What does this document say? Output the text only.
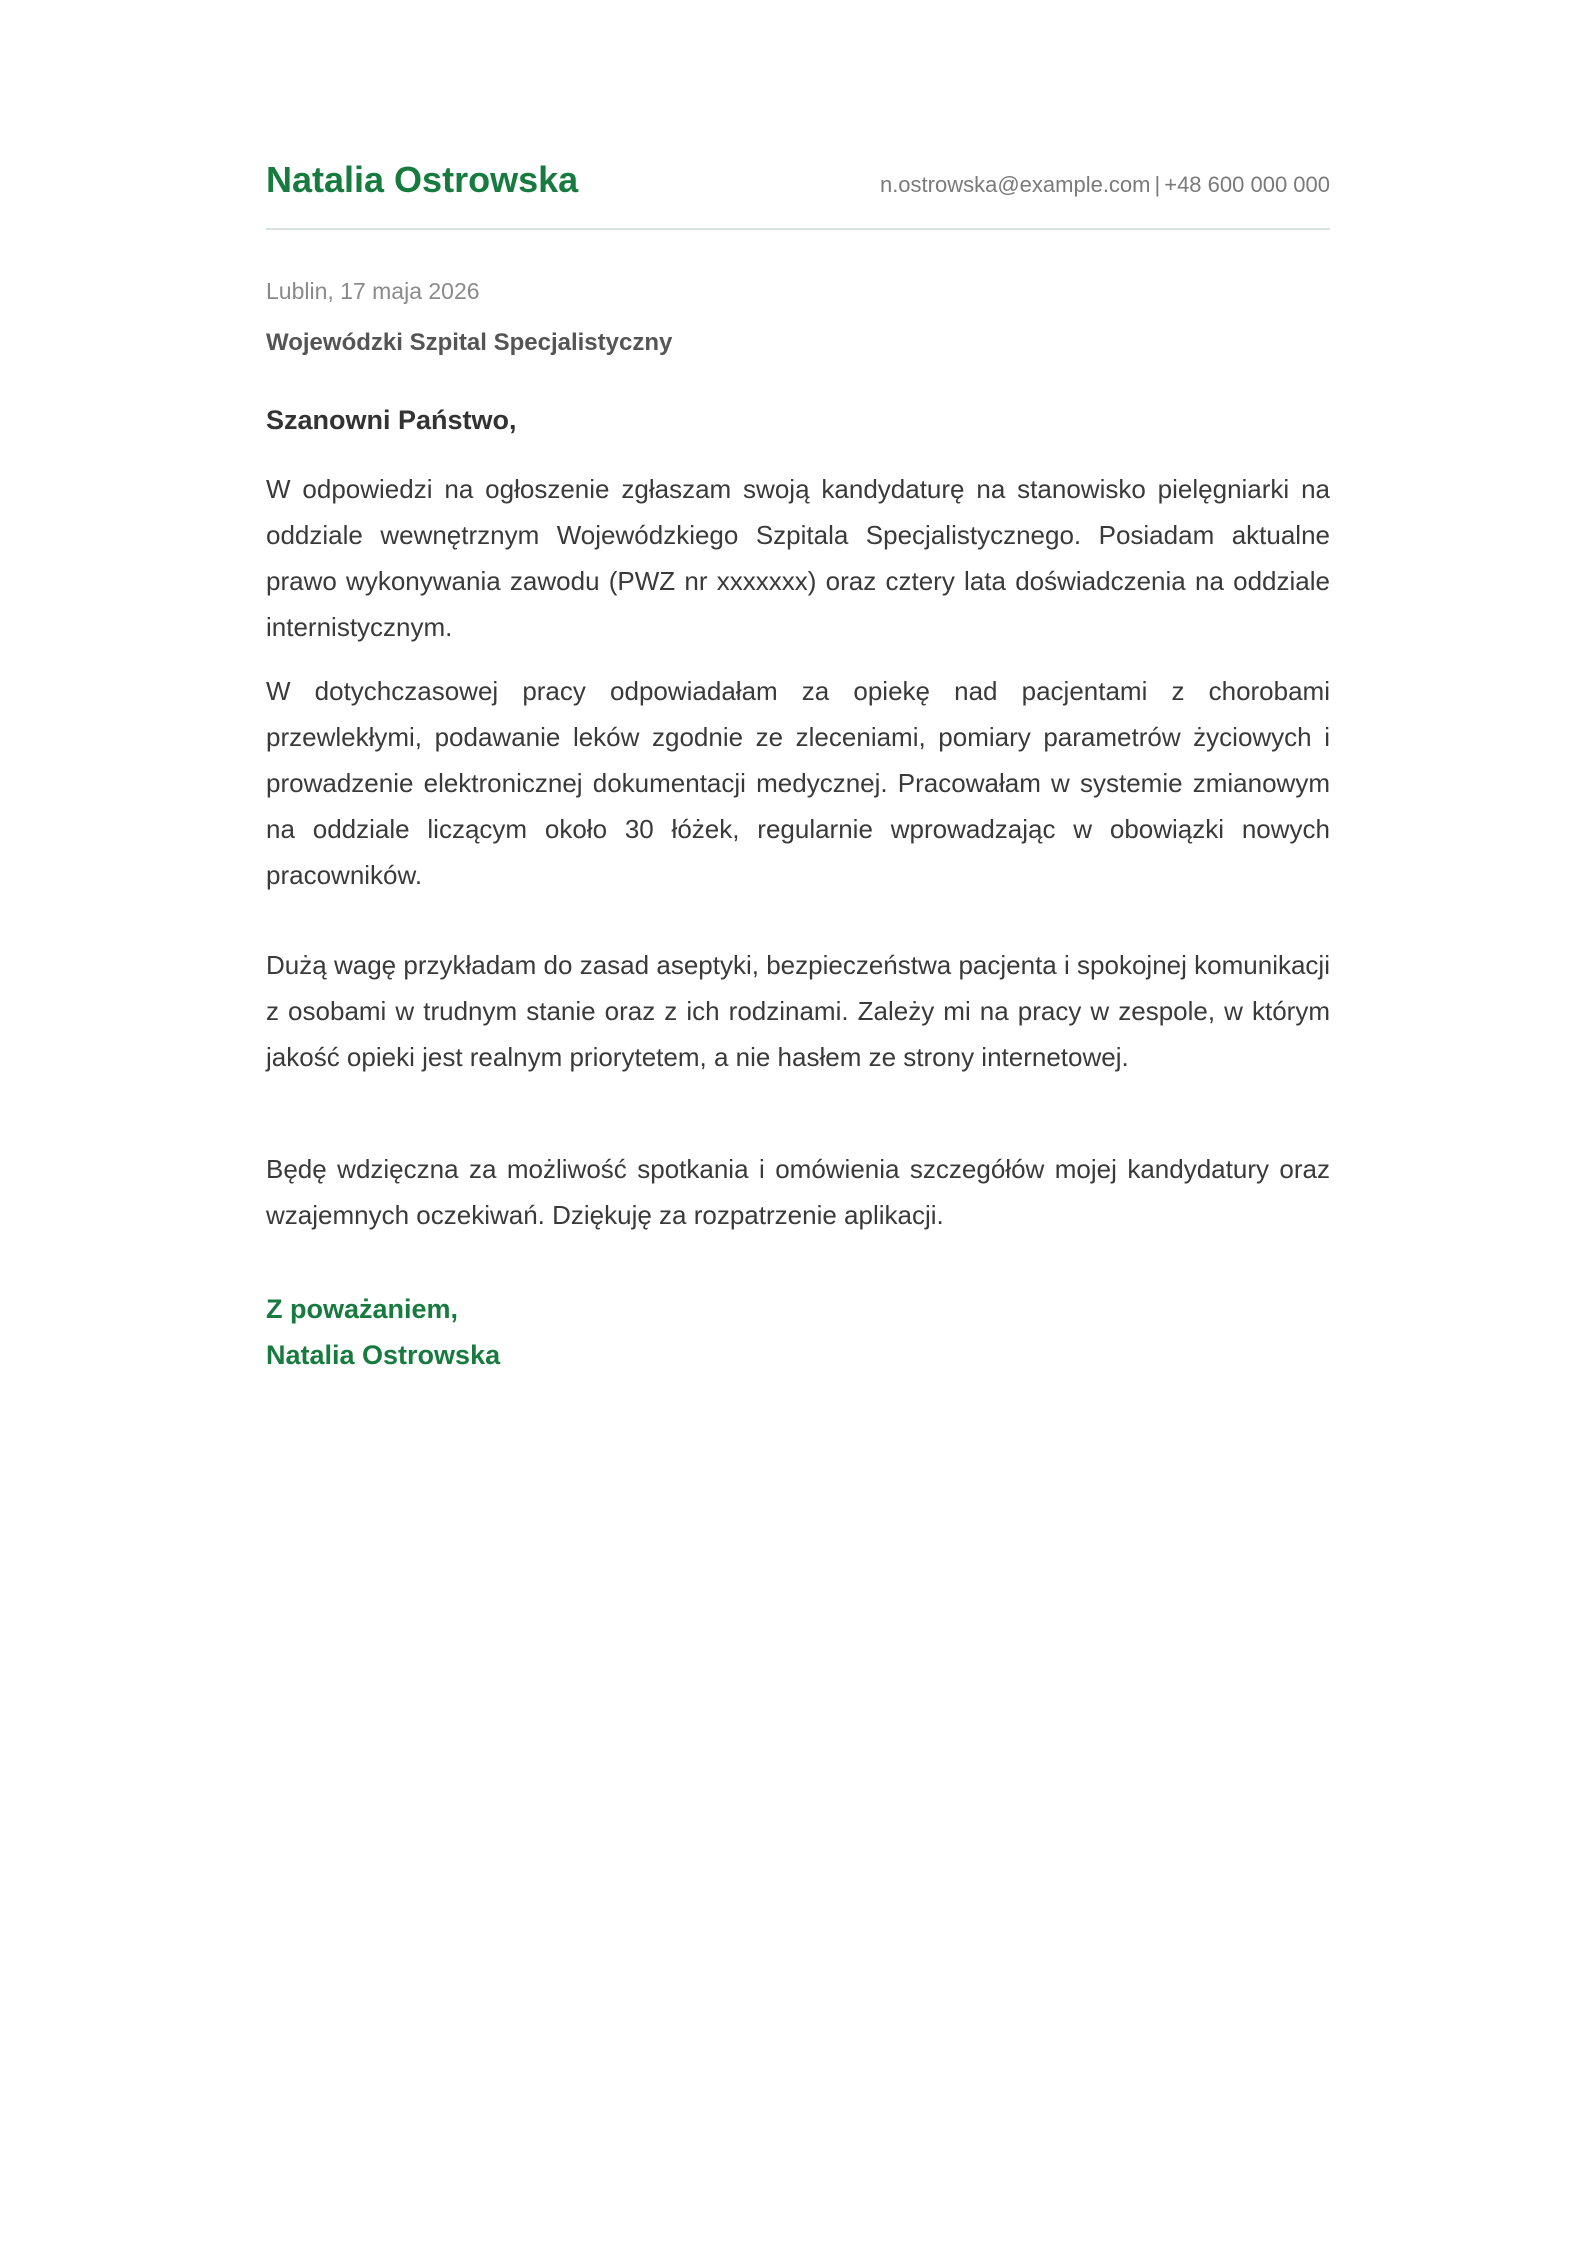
Natalia Ostrowska	n.ostrowska@example.com | +48 600 000 000
Lublin, 17 maja 2026
Wojewódzki Szpital Specjalistyczny
Szanowni Państwo,

W odpowiedzi na ogłoszenie zgłaszam swoją kandydaturę na stanowisko pielęgniarki na oddziale wewnętrznym Wojewódzkiego Szpitala Specjalistycznego. Posiadam aktualne prawo wykonywania zawodu (PWZ nr xxxxxxx) oraz cztery lata doświadczenia na oddziale internistycznym.

W dotychczasowej pracy odpowiadałam za opiekę nad pacjentami z chorobami przewlekłymi, podawanie leków zgodnie ze zleceniami, pomiary parametrów życiowych i prowadzenie elektronicznej dokumentacji medycznej. Pracowałam w systemie zmianowym na oddziale liczącym około 30 łóżek, regularnie wprowadzając w obowiązki nowych pracowników.

Dużą wagę przykładam do zasad aseptyki, bezpieczeństwa pacjenta i spokojnej komunikacji z osobami w trudnym stanie oraz z ich rodzinami. Zależy mi na pracy w zespole, w którym jakość opieki jest realnym priorytetem, a nie hasłem ze strony internetowej.

Będę wdzięczna za możliwość spotkania i omówienia szczegółów mojej kandydatury oraz wzajemnych oczekiwań. Dziękuję za rozpatrzenie aplikacji.

Z poważaniem,
Natalia Ostrowska
